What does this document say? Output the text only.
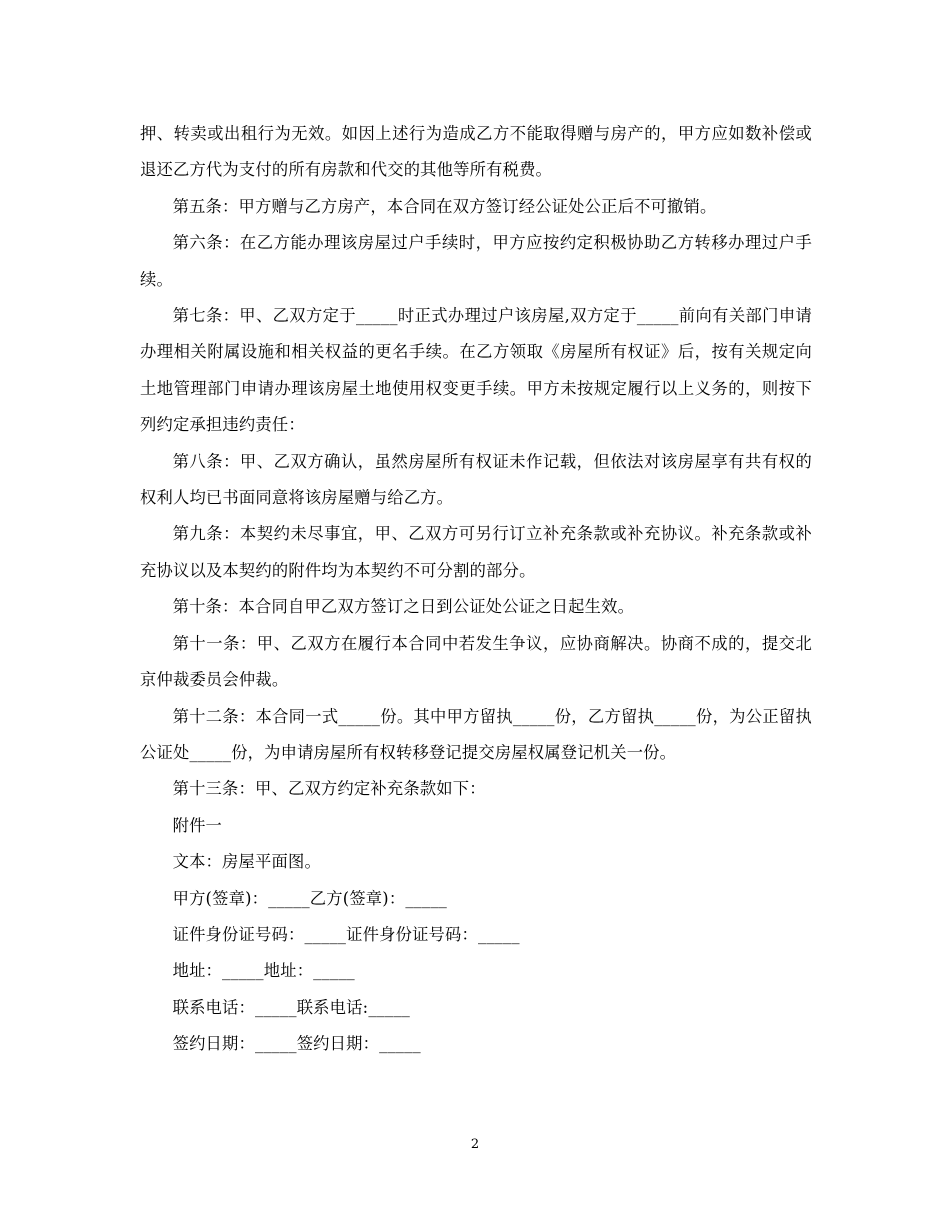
押、转卖或出租行为无效。如因上述行为造成乙方不能取得赠与房产的，甲方应如数补偿或退还乙方代为支付的所有房款和代交的其他等所有税费。

第五条：甲方赠与乙方房产，本合同在双方签订经公证处公正后不可撤销。

第六条：在乙方能办理该房屋过户手续时，甲方应按约定积极协助乙方转移办理过户手续。

第七条：甲、乙双方定于_____时正式办理过户该房屋,双方定于_____前向有关部门申请办理相关附属设施和相关权益的更名手续。在乙方领取《房屋所有权证》后，按有关规定向土地管理部门申请办理该房屋土地使用权变更手续。甲方未按规定履行以上义务的，则按下列约定承担违约责任：

第八条：甲、乙双方确认，虽然房屋所有权证未作记载，但依法对该房屋享有共有权的权利人均已书面同意将该房屋赠与给乙方。

第九条：本契约未尽事宜，甲、乙双方可另行订立补充条款或补充协议。补充条款或补充协议以及本契约的附件均为本契约不可分割的部分。

第十条：本合同自甲乙双方签订之日到公证处公证之日起生效。

第十一条：甲、乙双方在履行本合同中若发生争议，应协商解决。协商不成的，提交北京仲裁委员会仲裁。

第十二条：本合同一式_____份。其中甲方留执_____份，乙方留执_____份，为公正留执公证处_____份，为申请房屋所有权转移登记提交房屋权属登记机关一份。

第十三条：甲、乙双方约定补充条款如下：

附件一

文本：房屋平面图。

甲方(签章)：_____乙方(签章)：_____

证件身份证号码：_____证件身份证号码：_____

地址：_____地址：_____

联系电话：_____联系电话:_____

签约日期：_____签约日期：_____

2
